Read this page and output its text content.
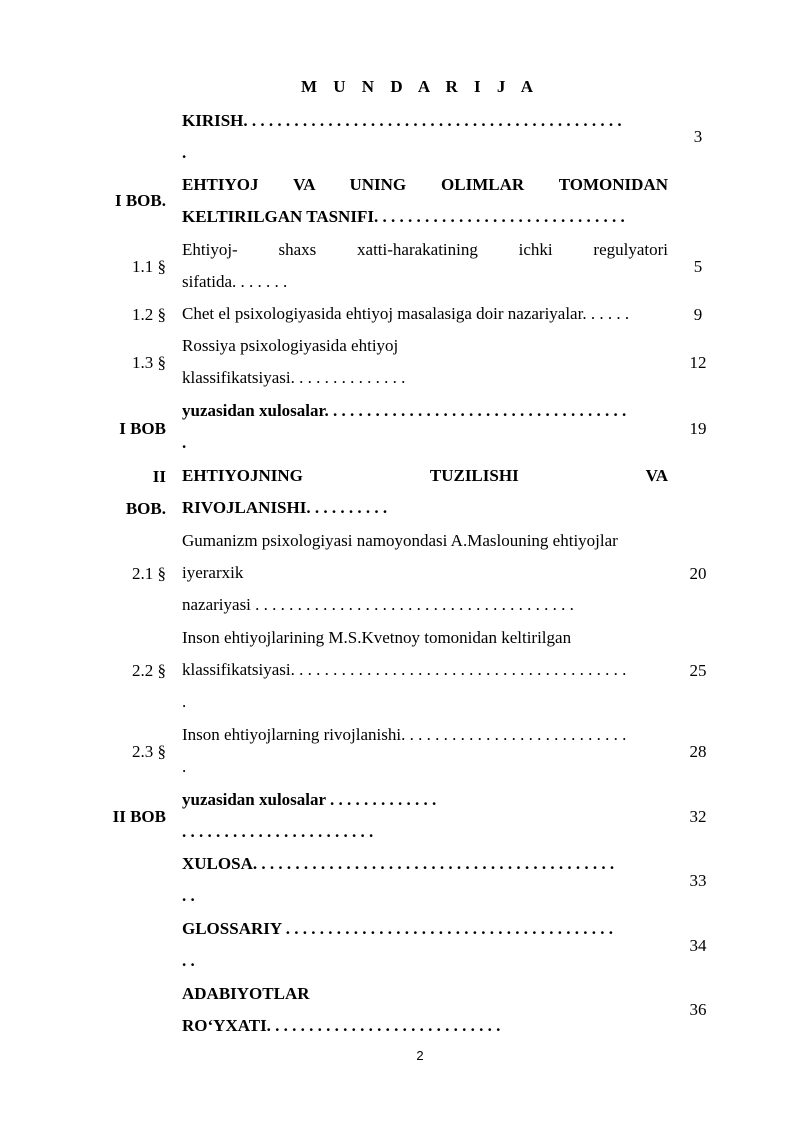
M U N D A R I J A
KIRISH. . . . . . . . . . . . . . . . . . . . . . . . . . . . . . . . . . . . . . . . . . . . .
.
3
I BOB.
EHTIYOJ VA UNING OLIMLAR TOMONIDAN
KELTIRILGAN TASNIFI. . . . . . . . . . . . . . . . . . . . . . . . . . . . . .
1.1 §
Ehtiyoj- shaxs xatti-harakatining ichki regulyatori
sifatida. . . . . . .
5
1.2 § Chet el psixologiyasida ehtiyoj masalasiga doir nazariyalar. . . . . .	9
1.3 §
Rossiya psixologiyasida ehtiyoj
klassifikatsiyasi. . . . . . . . . . . . . .
12
I BOB
yuzasidan xulosalar. . . . . . . . . . . . . . . . . . . . . . . . . . . . . . . . . . . .
.
19
II
BOB.
EHTIYOJNING TUZILISHI VA
RIVOJLANISHI. . . . . . . . . .
2.1 §
Gumanizm psixologiyasi namoyondasi A.Maslouning ehtiyojlar
iyerarxik
nazariyasi . . . . . . . . . . . . . . . . . . . . . . . . . . . . . . . . . . . . . .
20
2.2 §
Inson ehtiyojlarining M.S.Kvetnoy tomonidan keltirilgan
klassifikatsiyasi. . . . . . . . . . . . . . . . . . . . . . . . . . . . . . . . . . . . . . . .
.
25
2.3 §
Inson ehtiyojlarning rivojlanishi. . . . . . . . . . . . . . . . . . . . . . . . . . .
.
28
II BOB
yuzasidan xulosalar . . . . . . . . . . . . .
. . . . . . . . . . . . . . . . . . . . . . .
32
XULOSA. . . . . . . . . . . . . . . . . . . . . . . . . . . . . . . . . . . . . . . . . . .
. .
33
GLOSSARIY . . . . . . . . . . . . . . . . . . . . . . . . . . . . . . . . . . . . . . .
. .
34
ADABIYOTLAR
RO‘YXATI. . . . . . . . . . . . . . . . . . . . . . . . . . . .
36
2
